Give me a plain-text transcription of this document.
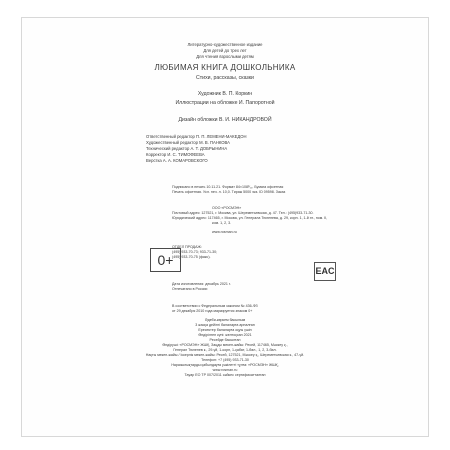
Литературно-художественное издание
Для детей до трех лет
Для чтения взрослыми детям
ЛЮБИМАЯ КНИГА ДОШКОЛЬНИКА
Стихи, рассказы, сказки
Художник В. П. Коркин
Иллюстрации на обложке И. Папоротной
Дизайн обложки В. И. НИКАНДРОВОЙ
Ответственный редактор П. П. ЛЕМЕНИ-МАКЕДОН
Художественный редактор М. В. ПАНКОВА
Технический редактор А. Т. ДОБРЫНИНА
Корректор И. С. ТИМОФЕЕВА
Верстка А. А. КОМАРОВСКОГО
Подписано в печать 10.11.21. Формат 84×108¹⁄₁₆. Бумага офсетная
Печать офсетная. Усл. печ. л. 10,0. Тираж 5000 экз. ID 09598. Заказ
ООО «РОСМЭН»
Почтовый адрес: 127521, г. Москва, ул. Шереметьевская, д. 47. Тел.: (495)933-71-30.
Юридический адрес: 117465, г. Москва, ул. Генерала Тюленева, д. 29, корп. 1, 1-й эт., пом. II,
ком. 1, 2, 3.
www.rosman.ru
ОТДЕЛ ПРОДАЖ:
(495) 933-70-73; 933-71-30;
(495) 933-70-75 (факс).
EAC
0+
Дата изготовления: декабрь 2021 г.
Отпечатано в России
В соответствии с Федеральным законом № 436-ФЗ
от 29 декабря 2010 года маркируется знаком 0+
Әдеби-көркем басылым
3 жасқа дейінгі балаларға арналған
Ересектер балаларға оқуы үшін
Өндірілген күні: желтоқсан 2021
Ресейде басылған
Өндіруші: «РОСМЭН» ЖШҚ, Заңды мекен-жайы: Ресей, 117465, Мәскеу қ.,
Генерал Тюленев к., 29-үй, 1-корп, 1-қабат, 1-бөл., 1, 2, 3-бөл.
Нақты мекен-жайы / Іскерлік мекен-жайы: Ресей, 127521, Мәскеу қ., Шереметьевская к., 47-үй.
Телефон: +7 (495) 933-71-30
Наразылықтарды қабылдауға уәкілетті тұлға: «РОСМЭН» ЖШҚ,
www.rosman.ru
Тауар ЕО ТР 007/2011 сәйкес сертификатталған
